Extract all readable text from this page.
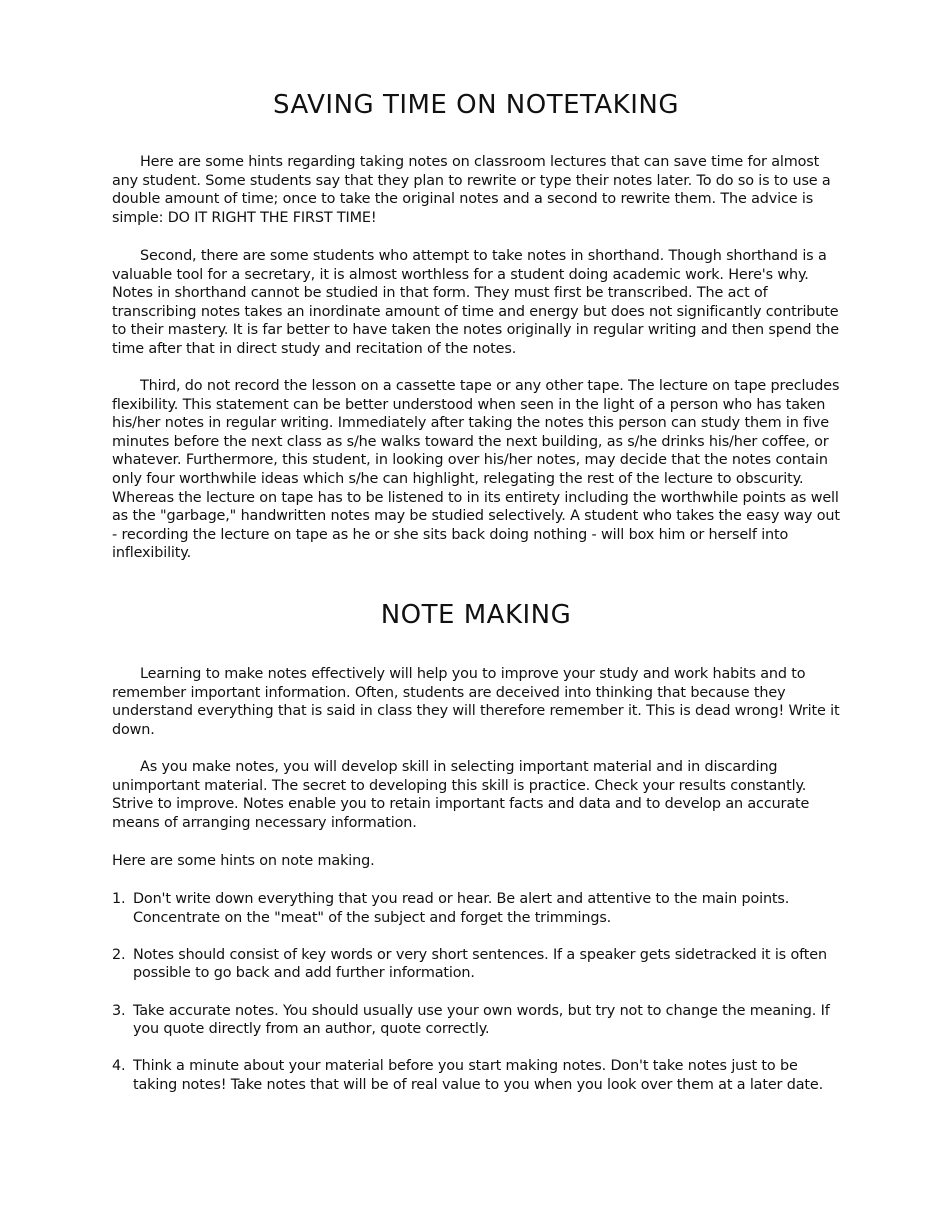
SAVING TIME ON NOTETAKING

Here are some hints regarding taking notes on classroom lectures that can save time for almost any student. Some students say that they plan to rewrite or type their notes later. To do so is to use a double amount of time; once to take the original notes and a second to rewrite them. The advice is simple: DO IT RIGHT THE FIRST TIME!

Second, there are some students who attempt to take notes in shorthand. Though shorthand is a valuable tool for a secretary, it is almost worthless for a student doing academic work. Here's why. Notes in shorthand cannot be studied in that form. They must first be transcribed. The act of transcribing notes takes an inordinate amount of time and energy but does not significantly contribute to their mastery. It is far better to have taken the notes originally in regular writing and then spend the time after that in direct study and recitation of the notes.

Third, do not record the lesson on a cassette tape or any other tape. The lecture on tape precludes flexibility. This statement can be better understood when seen in the light of a person who has taken his/her notes in regular writing. Immediately after taking the notes this person can study them in five minutes before the next class as s/he walks toward the next building, as s/he drinks his/her coffee, or whatever. Furthermore, this student, in looking over his/her notes, may decide that the notes contain only four worthwhile ideas which s/he can highlight, relegating the rest of the lecture to obscurity. Whereas the lecture on tape has to be listened to in its entirety including the worthwhile points as well as the "garbage," handwritten notes may be studied selectively. A student who takes the easy way out - recording the lecture on tape as he or she sits back doing nothing - will box him or herself into inflexibility.

NOTE MAKING

Learning to make notes effectively will help you to improve your study and work habits and to remember important information. Often, students are deceived into thinking that because they understand everything that is said in class they will therefore remember it. This is dead wrong! Write it down.

As you make notes, you will develop skill in selecting important material and in discarding unimportant material. The secret to developing this skill is practice. Check your results constantly. Strive to improve. Notes enable you to retain important facts and data and to develop an accurate means of arranging necessary information.

Here are some hints on note making.

1. Don't write down everything that you read or hear. Be alert and attentive to the main points. Concentrate on the "meat" of the subject and forget the trimmings.
2. Notes should consist of key words or very short sentences. If a speaker gets sidetracked it is often possible to go back and add further information.
3. Take accurate notes. You should usually use your own words, but try not to change the meaning. If you quote directly from an author, quote correctly.
4. Think a minute about your material before you start making notes. Don't take notes just to be taking notes! Take notes that will be of real value to you when you look over them at a later date.
